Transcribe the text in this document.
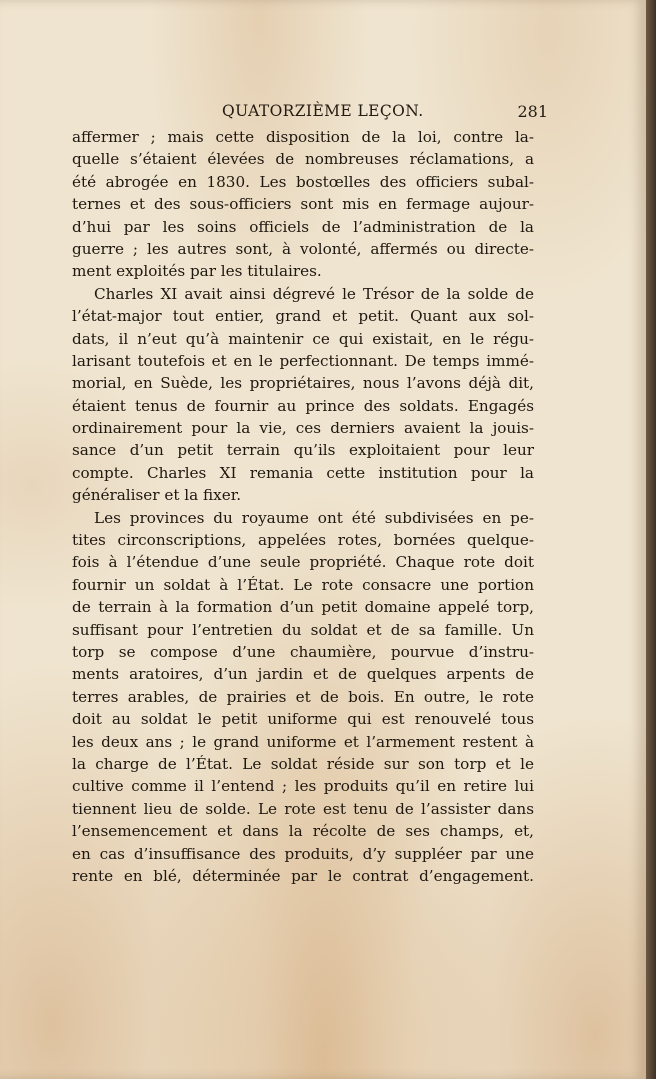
QUATORZIÈME LEÇON.	281
affermer ; mais cette disposition de la loi, contre la-
quelle s’étaient élevées de nombreuses réclamations, a
été abrogée en 1830. Les bostœlles des officiers subal-
ternes et des sous-officiers sont mis en fermage aujour-
d’hui par les soins officiels de l’administration de la
guerre ; les autres sont, à volonté, affermés ou directe-
ment exploités par les titulaires.
Charles XI avait ainsi dégrevé le Trésor de la solde de
l’état-major tout entier, grand et petit. Quant aux sol-
dats, il n’eut qu’à maintenir ce qui existait, en le régu-
larisant toutefois et en le perfectionnant. De temps immé-
morial, en Suède, les propriétaires, nous l’avons déjà dit,
étaient tenus de fournir au prince des soldats. Engagés
ordinairement pour la vie, ces derniers avaient la jouis-
sance d’un petit terrain qu’ils exploitaient pour leur
compte. Charles XI remania cette institution pour la
généraliser et la fixer.
Les provinces du royaume ont été subdivisées en pe-
tites circonscriptions, appelées rotes, bornées quelque-
fois à l’étendue d’une seule propriété. Chaque rote doit
fournir un soldat à l’État. Le rote consacre une portion
de terrain à la formation d’un petit domaine appelé torp,
suffisant pour l’entretien du soldat et de sa famille. Un
torp se compose d’une chaumière, pourvue d’instru-
ments aratoires, d’un jardin et de quelques arpents de
terres arables, de prairies et de bois. En outre, le rote
doit au soldat le petit uniforme qui est renouvelé tous
les deux ans ; le grand uniforme et l’armement restent à
la charge de l’État. Le soldat réside sur son torp et le
cultive comme il l’entend ; les produits qu’il en retire lui
tiennent lieu de solde. Le rote est tenu de l’assister dans
l’ensemencement et dans la récolte de ses champs, et,
en cas d’insuffisance des produits, d’y suppléer par une
rente en blé, déterminée par le contrat d’engagement.
